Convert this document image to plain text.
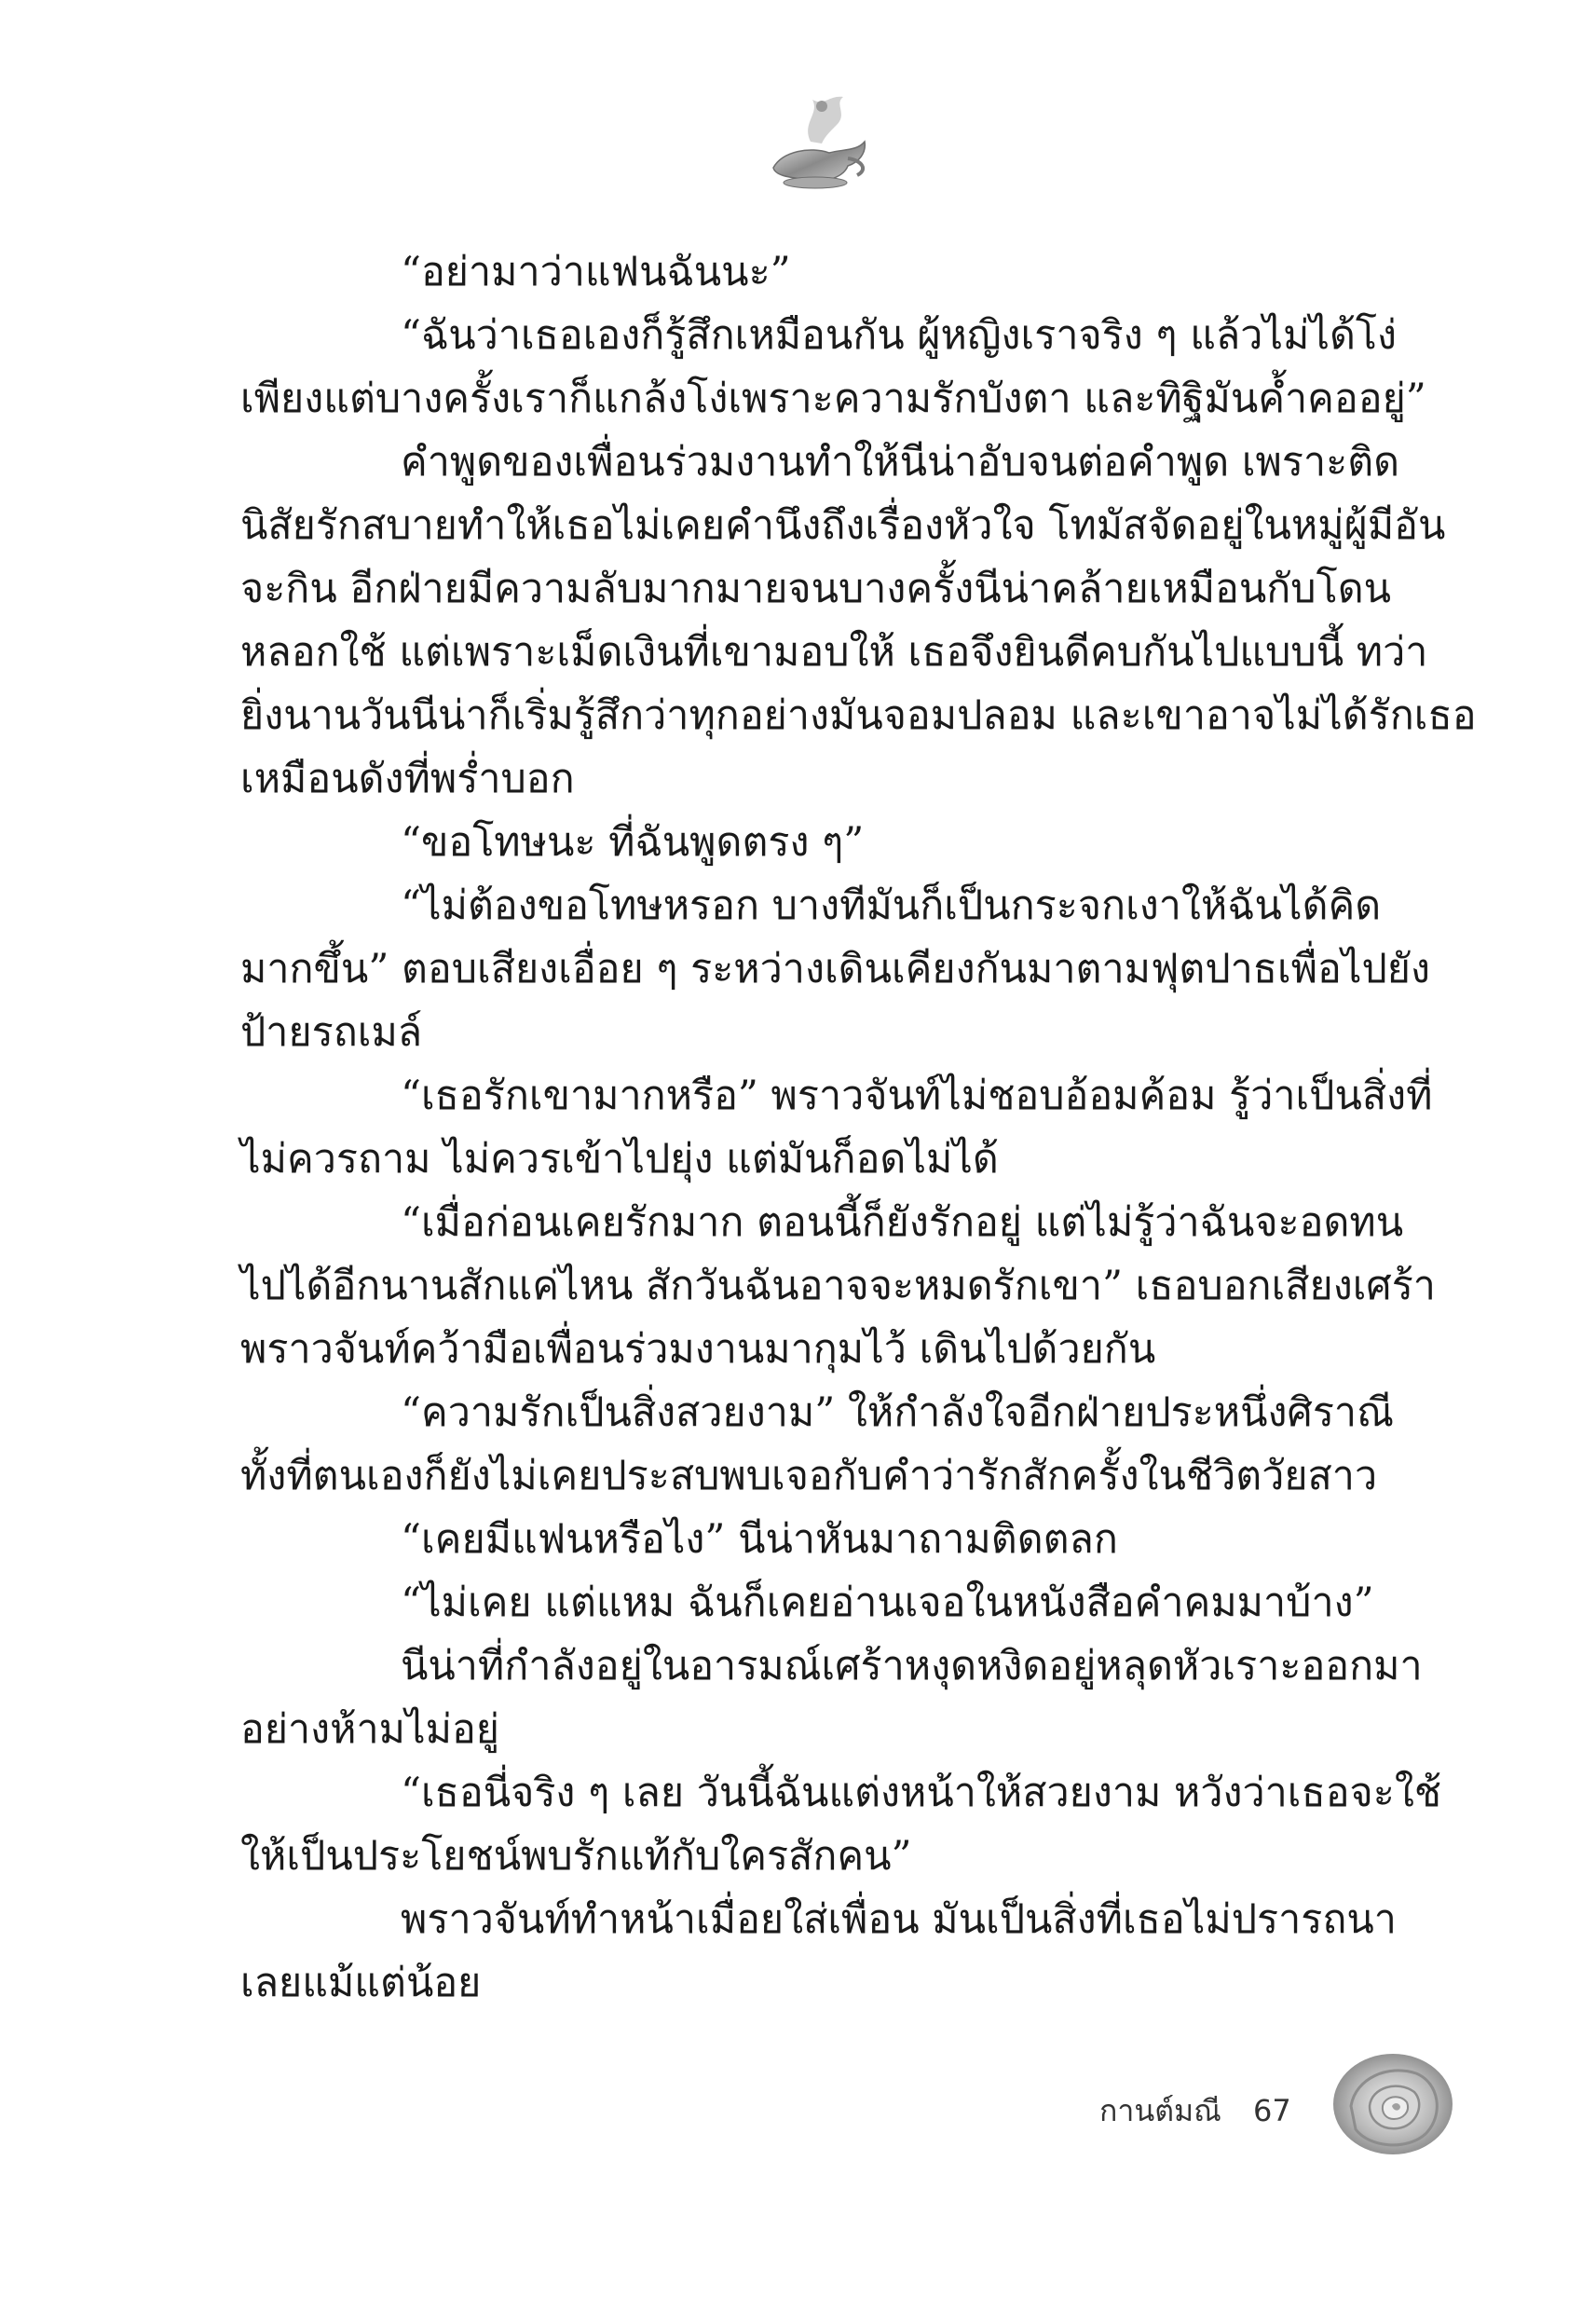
“อย่ามาว่าแฟนฉันนะ”
“ฉันว่าเธอเองก็รู้สึกเหมือนกัน ผู้หญิงเราจริง ๆ แล้วไม่ได้โง่
เพียงแต่บางครั้งเราก็แกล้งโง่เพราะความรักบังตา และทิฐิมันค้ำคออยู่”
คำพูดของเพื่อนร่วมงานทำให้นีน่าอับจนต่อคำพูด เพราะติด
นิสัยรักสบายทำให้เธอไม่เคยคำนึงถึงเรื่องหัวใจ โทมัสจัดอยู่ในหมู่ผู้มีอัน
จะกิน อีกฝ่ายมีความลับมากมายจนบางครั้งนีน่าคล้ายเหมือนกับโดน
หลอกใช้ แต่เพราะเม็ดเงินที่เขามอบให้ เธอจึงยินดีคบกันไปแบบนี้ ทว่า
ยิ่งนานวันนีน่าก็เริ่มรู้สึกว่าทุกอย่างมันจอมปลอม และเขาอาจไม่ได้รักเธอ
เหมือนดังที่พร่ำบอก
“ขอโทษนะ ที่ฉันพูดตรง ๆ”
“ไม่ต้องขอโทษหรอก บางทีมันก็เป็นกระจกเงาให้ฉันได้คิด
มากขึ้น” ตอบเสียงเอื่อย ๆ ระหว่างเดินเคียงกันมาตามฟุตปาธเพื่อไปยัง
ป้ายรถเมล์
“เธอรักเขามากหรือ” พราวจันท์ไม่ชอบอ้อมค้อม รู้ว่าเป็นสิ่งที่
ไม่ควรถาม ไม่ควรเข้าไปยุ่ง แต่มันก็อดไม่ได้
“เมื่อก่อนเคยรักมาก ตอนนี้ก็ยังรักอยู่ แต่ไม่รู้ว่าฉันจะอดทน
ไปได้อีกนานสักแค่ไหน สักวันฉันอาจจะหมดรักเขา” เธอบอกเสียงเศร้า
พราวจันท์คว้ามือเพื่อนร่วมงานมากุมไว้ เดินไปด้วยกัน
“ความรักเป็นสิ่งสวยงาม” ให้กำลังใจอีกฝ่ายประหนึ่งศิราณี
ทั้งที่ตนเองก็ยังไม่เคยประสบพบเจอกับคำว่ารักสักครั้งในชีวิตวัยสาว
“เคยมีแฟนหรือไง” นีน่าหันมาถามติดตลก
“ไม่เคย แต่แหม ฉันก็เคยอ่านเจอในหนังสือคำคมมาบ้าง”
นีน่าที่กำลังอยู่ในอารมณ์เศร้าหงุดหงิดอยู่หลุดหัวเราะออกมา
อย่างห้ามไม่อยู่
“เธอนี่จริง ๆ เลย วันนี้ฉันแต่งหน้าให้สวยงาม หวังว่าเธอจะใช้
ให้เป็นประโยชน์พบรักแท้กับใครสักคน”
พราวจันท์ทำหน้าเมื่อยใส่เพื่อน มันเป็นสิ่งที่เธอไม่ปรารถนา
เลยแม้แต่น้อย
กานต์มณี 67
